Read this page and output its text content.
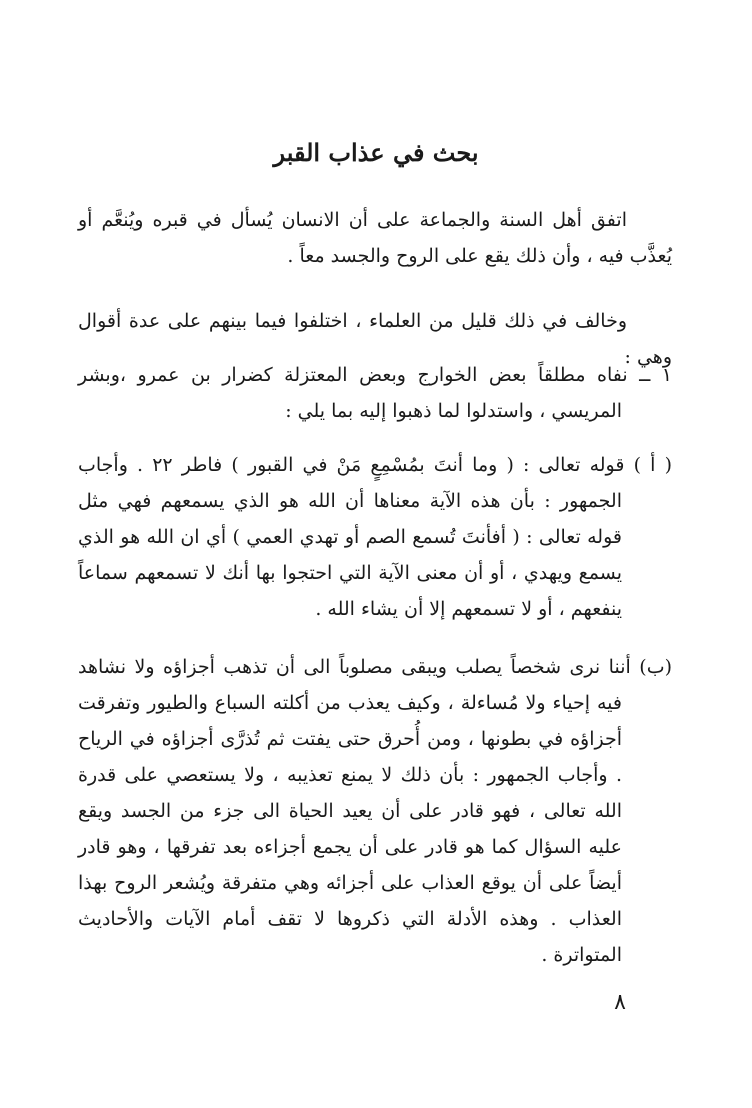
بحث في عذاب القبر

اتفق أهل السنة والجماعة على أن الانسان يُسأل في قبره ويُنعَّم أو يُعذَّب فيه ، وأن ذلك يقع على الروح والجسد معاً .

وخالف في ذلك قليل من العلماء ، اختلفوا فيما بينهم على عدة أقوال وهي :

١ ــ نفاه مطلقاً بعض الخوارج وبعض المعتزلة كضرار بن عمرو ،وبشر المريسي ، واستدلوا لما ذهبوا إليه بما يلي :

( أ ) قوله تعالى : ( وما أنتَ بمُسْمِعٍ مَنْ في القبور ) فاطر ٢٢ . وأجاب الجمهور : بأن هذه الآية معناها أن الله هو الذي يسمعهم فهي مثل قوله تعالى : ( أفأنتَ تُسمع الصم أو تهدي العمي ) أي ان الله هو الذي يسمع ويهدي ، أو أن معنى الآية التي احتجوا بها أنك لا تسمعهم سماعاً ينفعهم ، أو لا تسمعهم إلا أن يشاء الله .

(ب) أننا نرى شخصاً يصلب ويبقى مصلوباً الى أن تذهب أجزاؤه ولا نشاهد فيه إحياء ولا مُساءلة ، وكيف يعذب من أكلته السباع والطيور وتفرقت أجزاؤه في بطونها ، ومن أُحرق حتى يفتت ثم تُذرَّى أجزاؤه في الرياح . وأجاب الجمهور : بأن ذلك لا يمنع تعذيبه ، ولا يستعصي على قدرة الله تعالى ، فهو قادر على أن يعيد الحياة الى جزء من الجسد ويقع عليه السؤال كما هو قادر على أن يجمع أجزاءه بعد تفرقها ، وهو قادر أيضاً على أن يوقع العذاب على أجزائه وهي متفرقة ويُشعر الروح بهذا العذاب . وهذه الأدلة التي ذكروها لا تقف أمام الآيات والأحاديث المتواترة .

٨
